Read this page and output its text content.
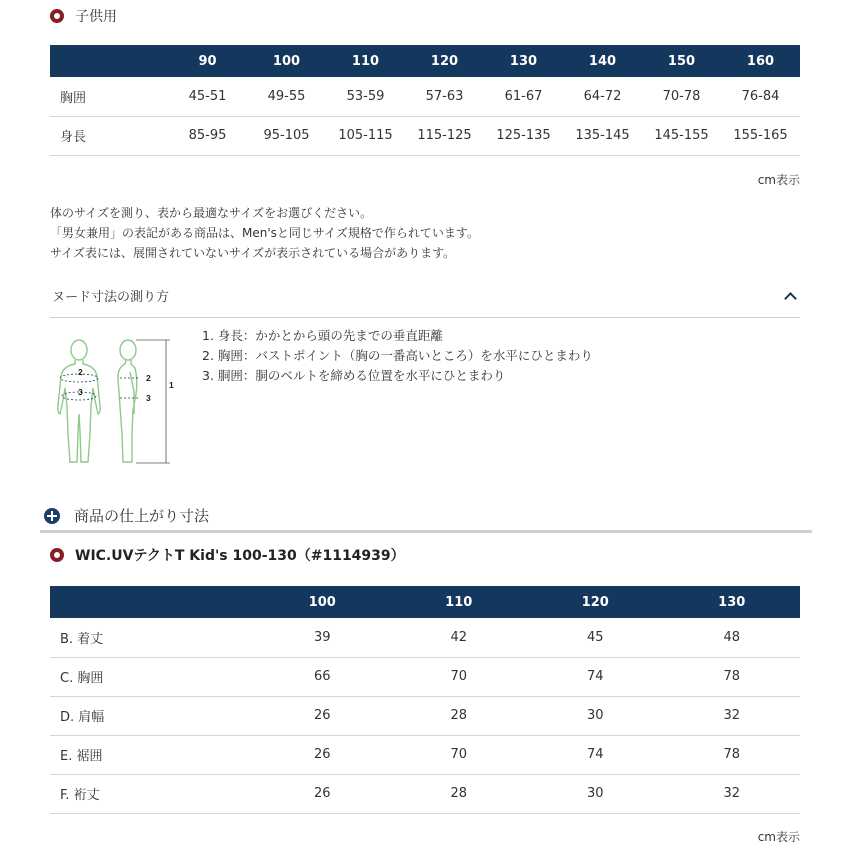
子供用
	90	100	110	120	130	140	150	160
胸囲	45-51	49-55	53-59	57-63	61-67	64-72	70-78	76-84
身長	85-95	95-105	105-115	115-125	125-135	135-145	145-155	155-165
cm表示
体のサイズを測り、表から最適なサイズをお選びください。
「男女兼用」の表記がある商品は、Men'sと同じサイズ規格で作られています。
サイズ表には、展開されていないサイズが表示されている場合があります。
ヌード寸法の測り方
2
3
2
3
1
1. 身長：かかとから頭の先までの垂直距離
2. 胸囲：バストポイント（胸の一番高いところ）を水平にひとまわり
3. 胴囲：胴のベルトを締める位置を水平にひとまわり
商品の仕上がり寸法
WIC.UVテクトT Kid's 100-130（#1114939）
	100	110	120	130
B. 着丈	39	42	45	48
C. 胸囲	66	70	74	78
D. 肩幅	26	28	30	32
E. 裾囲	26	70	74	78
F. 裄丈	26	28	30	32
cm表示
